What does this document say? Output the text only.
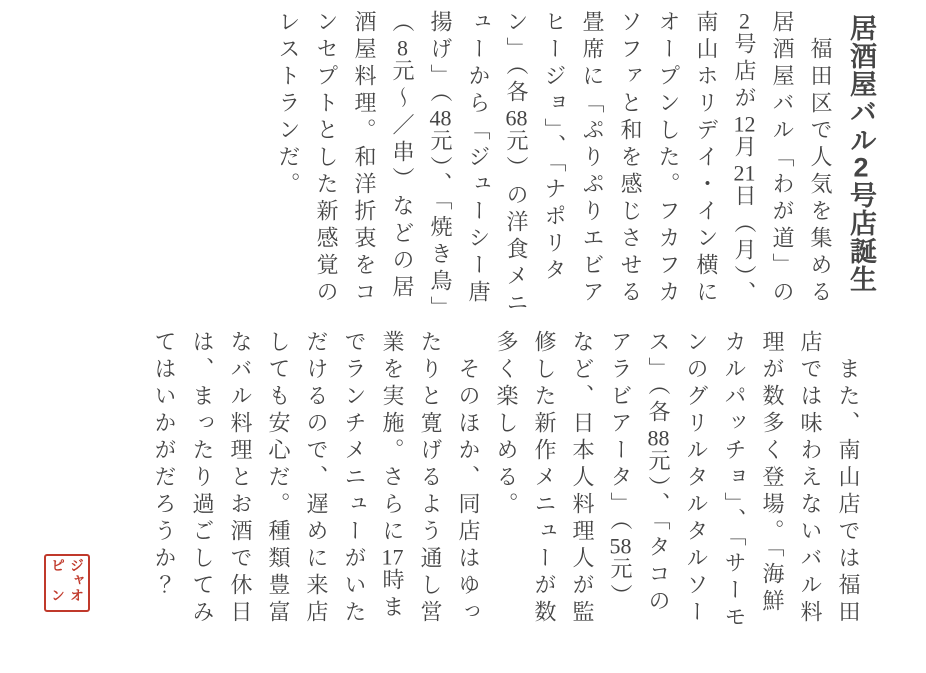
居酒屋バル2号店誕生

　福田区で人気を集める居酒屋バル「わが道」の2号店が12月21日（月）、南山ホリデイ・イン横にオープンした。フカフカソファと和を感じさせる畳席に「ぷりぷりエビアヒージョ」、「ナポリタン」（各68元）の洋食メニューから「ジューシー唐揚げ」（48元）、「焼き鳥」（8元～／串）などの居酒屋料理。和洋折衷をコンセプトとした新感覚のレストランだ。

　また、南山店では福田店では味わえないバル料理が数多く登場。「海鮮カルパッチョ」、「サーモンのグリルタルタルソース」（各88元）、「タコのアラビアータ」（58元）など、日本人料理人が監修した新作メニューが数多く楽しめる。

　そのほか、同店はゆったりと寛げるよう通し営業を実施。さらに17時までランチメニューがいただけるので、遅めに来店しても安心だ。種類豊富なバル料理とお酒で休日は、まったり過ごしてみてはいかがだろうか？

ジャピ
オン
